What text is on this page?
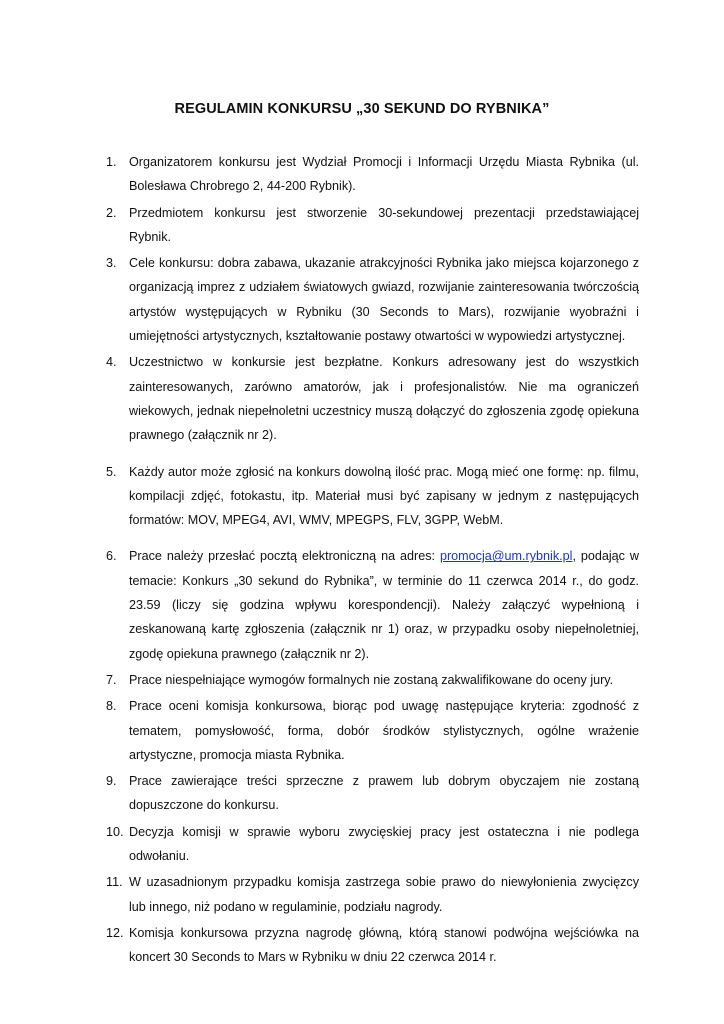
REGULAMIN KONKURSU „30 SEKUND DO RYBNIKA”
1. Organizatorem konkursu jest Wydział Promocji i Informacji Urzędu Miasta Rybnika (ul. Bolesława Chrobrego 2, 44-200 Rybnik).
2. Przedmiotem konkursu jest stworzenie 30-sekundowej prezentacji przedstawiającej Rybnik.
3. Cele konkursu: dobra zabawa, ukazanie atrakcyjności Rybnika jako miejsca kojarzonego z organizacją imprez z udziałem światowych gwiazd, rozwijanie zainteresowania twórczością artystów występujących w Rybniku (30 Seconds to Mars), rozwijanie wyobraźni i umiejętności artystycznych, kształtowanie postawy otwartości w wypowiedzi artystycznej.
4. Uczestnictwo w konkursie jest bezpłatne. Konkurs adresowany jest do wszystkich zainteresowanych, zarówno amatorów, jak i profesjonalistów. Nie ma ograniczeń wiekowych, jednak niepełnoletni uczestnicy muszą dołączyć do zgłoszenia zgodę opiekuna prawnego (załącznik nr 2).
5. Każdy autor może zgłosić na konkurs dowolną ilość prac. Mogą mieć one formę: np. filmu, kompilacji zdjęć, fotokastu, itp. Materiał musi być zapisany w jednym z następujących formatów: MOV, MPEG4, AVI, WMV, MPEGPS, FLV, 3GPP, WebM.
6. Prace należy przesłać pocztą elektroniczną na adres: promocja@um.rybnik.pl, podając w temacie: Konkurs „30 sekund do Rybnika”, w terminie do 11 czerwca 2014 r., do godz. 23.59 (liczy się godzina wpływu korespondencji). Należy załączyć wypełnioną i zeskanowaną kartę zgłoszenia (załącznik nr 1) oraz, w przypadku osoby niepełnoletniej, zgodę opiekuna prawnego (załącznik nr 2).
7. Prace niespełniające wymogów formalnych nie zostaną zakwalifikowane do oceny jury.
8. Prace oceni komisja konkursowa, biorąc pod uwagę następujące kryteria: zgodność z tematem, pomysłowość, forma, dobór środków stylistycznych, ogólne wrażenie artystyczne, promocja miasta Rybnika.
9. Prace zawierające treści sprzeczne z prawem lub dobrym obyczajem nie zostaną dopuszczone do konkursu.
10. Decyzja komisji w sprawie wyboru zwycięskiej pracy jest ostateczna i nie podlega odwołaniu.
11. W uzasadnionym przypadku komisja zastrzega sobie prawo do niewyłonienia zwycięzcy lub innego, niż podano w regulaminie, podziału nagrody.
12. Komisja konkursowa przyzna nagrodę główną, którą stanowi podwójna wejściówka na koncert 30 Seconds to Mars w Rybniku w dniu 22 czerwca 2014 r.
